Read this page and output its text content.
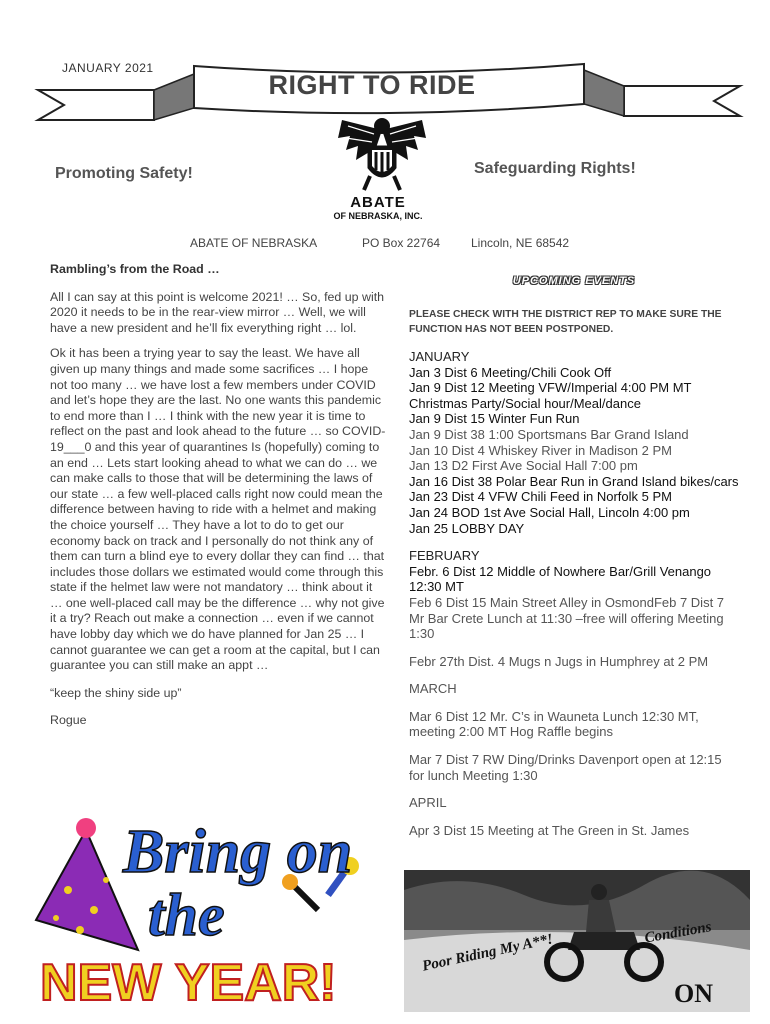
JANUARY 2021
RIGHT TO RIDE
Promoting Safety!	Safeguarding Rights!
ABATE
OF NEBRASKA, INC.
ABATE OF NEBRASKA	PO Box 22764	Lincoln, NE 68542
Rambling’s from the Road …

All I can say at this point is welcome 2021! … So, fed up with 2020 it needs to be in the rear-view mirror … Well, we will have a new president and he’ll fix everything right … lol.

Ok it has been a trying year to say the least. We have all given up many things and made some sacrifices … I hope not too many … we have lost a few members under COVID and let’s hope they are the last. No one wants this pandemic to end more than I … I think with the new year it is time to reflect on the past and look ahead to the future … so COVID-19___0 and this year of quarantines Is (hopefully) coming to an end … Lets start looking ahead to what we can do … we can make calls to those that will be determining the laws of our state … a few well-placed calls right now could mean the difference between having to ride with a helmet and making the choice yourself … They have a lot to do to get our economy back on track and I personally do not think any of them can turn a blind eye to every dollar they can find … that includes those dollars we estimated would come through this state if the helmet law were not mandatory … think about it … one well-placed call may be the difference … why not give it a try? Reach out make a connection … even if we cannot have lobby day which we do have planned for Jan 25 … I cannot guarantee we can get a room at the capital, but I can guarantee you can still make an appt …

“keep the shiny side up”

Rogue

UPCOMING EVENTS
PLEASE CHECK WITH THE DISTRICT REP TO MAKE SURE THE FUNCTION HAS NOT BEEN POSTPONED.
JANUARY
Jan 3 Dist 6 Meeting/Chili Cook Off
Jan 9 Dist 12 Meeting VFW/Imperial 4:00 PM MT Christmas Party/Social hour/Meal/dance
Jan 9 Dist 15 Winter Fun Run
Jan 9 Dist 38 1:00 Sportsmans Bar Grand Island
Jan 10 Dist 4 Whiskey River in Madison 2 PM
Jan 13 D2 First Ave Social Hall 7:00 pm
Jan 16 Dist 38 Polar Bear Run in Grand Island bikes/cars
Jan 23 Dist 4 VFW Chili Feed in Norfolk 5 PM
Jan 24 BOD 1st Ave Social Hall, Lincoln 4:00 pm
Jan 25 LOBBY DAY
FEBRUARY
Febr. 6 Dist 12 Middle of Nowhere Bar/Grill Venango 12:30 MT
Feb 6 Dist 15 Main Street Alley in OsmondFeb 7 Dist 7 Mr Bar Crete Lunch at 11:30 –free will offering Meeting 1:30
Febr 27th Dist. 4 Mugs n Jugs in Humphrey at 2 PM
MARCH
Mar 6 Dist 12 Mr. C’s in Wauneta Lunch 12:30 MT, meeting 2:00 MT Hog Raffle begins
Mar 7 Dist 7 RW Ding/Drinks Davenport open at 12:15 for lunch Meeting 1:30
APRIL
Apr 3 Dist 15 Meeting at The Green in St. James
Bring on
the
NEW YEAR!
Poor Riding My A**!	Conditions
ON
